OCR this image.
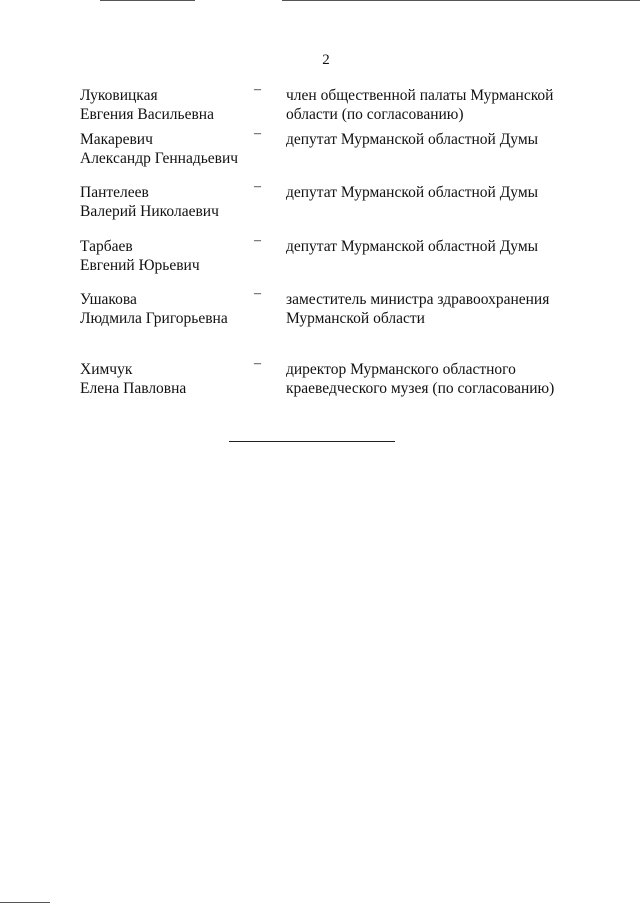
2
Луковицкая
Евгения Васильевна
– член общественной палаты Мурманской
области (по согласованию)
Макаревич
Александр Геннадьевич
– депутат Мурманской областной Думы
Пантелеев
Валерий Николаевич
– депутат Мурманской областной Думы
Тарбаев
Евгений Юрьевич
– депутат Мурманской областной Думы
Ушакова
Людмила Григорьевна
– заместитель министра здравоохранения
Мурманской области
Химчук
Елена Павловна
– директор Мурманского областного
краеведческого музея (по согласованию)
